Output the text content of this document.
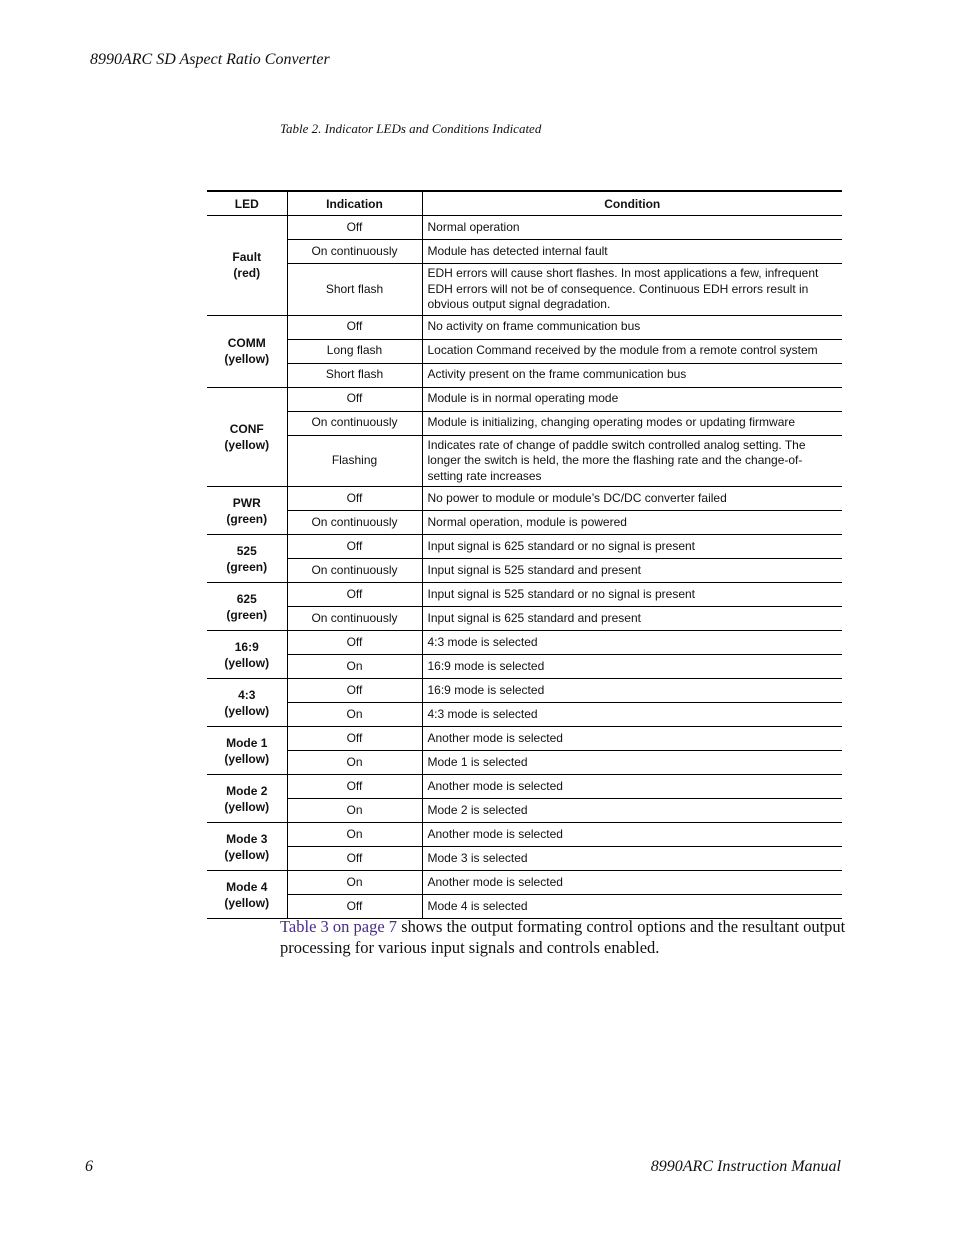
8990ARC SD Aspect Ratio Converter
Table 2. Indicator LEDs and Conditions Indicated
LED	Indication	Condition

Fault
(red)	Off	Normal operation
	On continuously	Module has detected internal fault
	Short flash	EDH errors will cause short flashes. In most applications a few, infrequent EDH errors will not be of consequence. Continuous EDH errors result in obvious output signal degradation.

COMM
(yellow)	Off	No activity on frame communication bus
	Long flash	Location Command received by the module from a remote control system
	Short flash	Activity present on the frame communication bus

CONF
(yellow)	Off	Module is in normal operating mode
	On continuously	Module is initializing, changing operating modes or updating firmware
	Flashing	Indicates rate of change of paddle switch controlled analog setting. The longer the switch is held, the more the flashing rate and the change-of-setting rate increases

PWR
(green)	Off	No power to module or module’s DC/DC converter failed
	On continuously	Normal operation, module is powered

525
(green)	Off	Input signal is 625 standard or no signal is present
	On continuously	Input signal is 525 standard and present

625
(green)	Off	Input signal is 525 standard or no signal is present
	On continuously	Input signal is 625 standard and present

16:9
(yellow)	Off	4:3 mode is selected
	On	16:9 mode is selected

4:3
(yellow)	Off	16:9 mode is selected
	On	4:3 mode is selected

Mode 1
(yellow)	Off	Another mode is selected
	On	Mode 1 is selected

Mode 2
(yellow)	Off	Another mode is selected
	On	Mode 2 is selected

Mode 3
(yellow)	On	Another mode is selected
	Off	Mode 3 is selected

Mode 4
(yellow)	On	Another mode is selected
	Off	Mode 4 is selected
Table 3 on page 7 shows the output formating control options and the resultant output processing for various input signals and controls enabled.
6	8990ARC Instruction Manual
